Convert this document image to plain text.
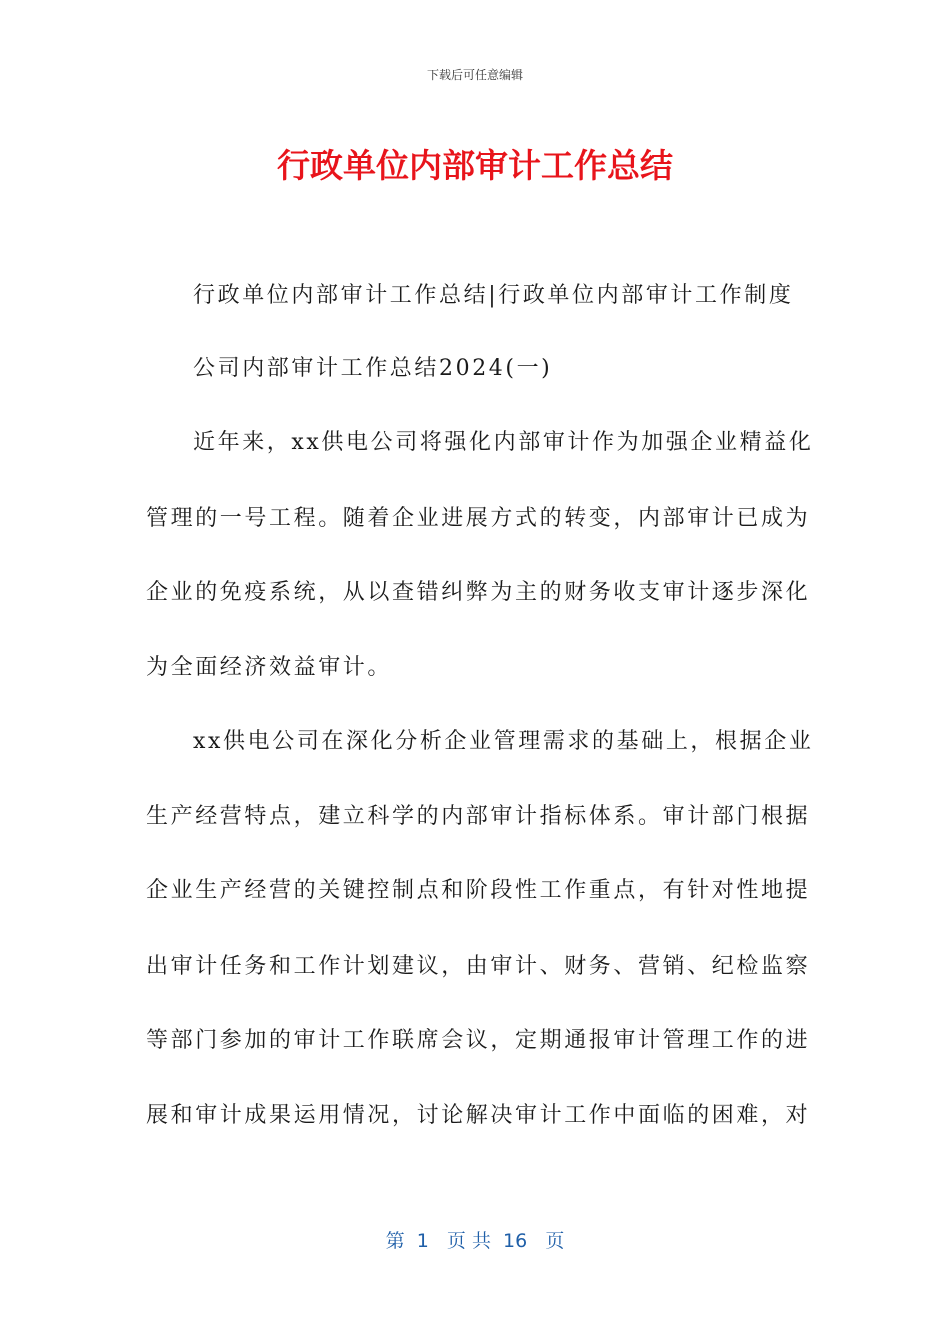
下载后可任意编辑
行政单位内部审计工作总结
行政单位内部审计工作总结|行政单位内部审计工作制度
公司内部审计工作总结2024(一)
近年来，xx供电公司将强化内部审计作为加强企业精益化
管理的一号工程。随着企业进展方式的转变，内部审计已成为
企业的免疫系统，从以查错纠弊为主的财务收支审计逐步深化
为全面经济效益审计。
xx供电公司在深化分析企业管理需求的基础上，根据企业
生产经营特点，建立科学的内部审计指标体系。审计部门根据
企业生产经营的关键控制点和阶段性工作重点，有针对性地提
出审计任务和工作计划建议，由审计、财务、营销、纪检监察
等部门参加的审计工作联席会议，定期通报审计管理工作的进
展和审计成果运用情况，讨论解决审计工作中面临的困难，对
第  1   页 共  16   页
